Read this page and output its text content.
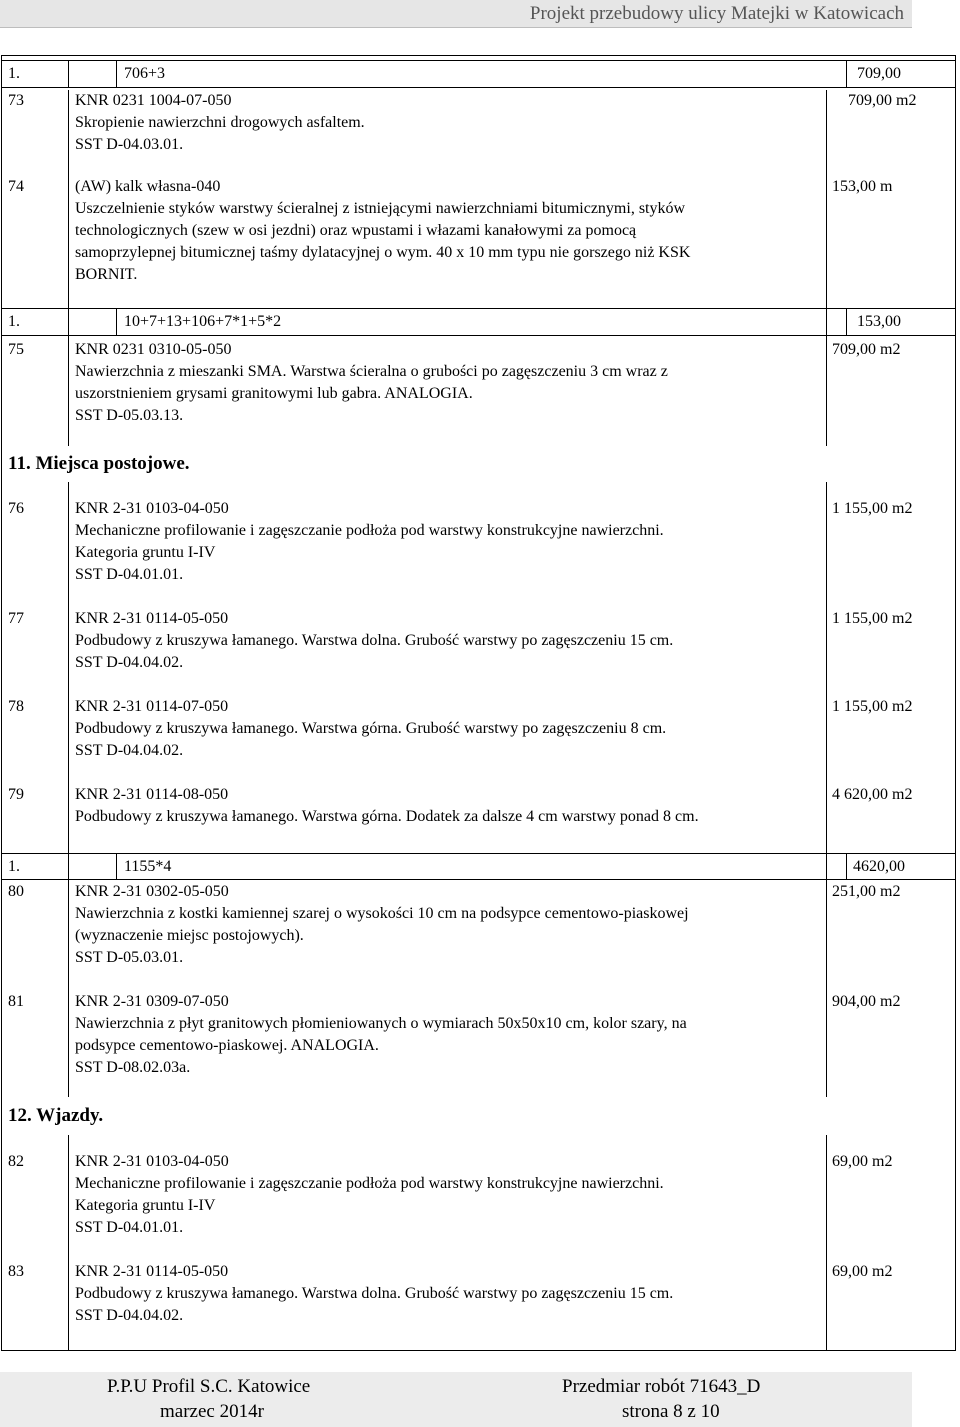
Projekt przebudowy ulicy Matejki w Katowicach
1.	706+3	709,00
73	KNR 0231 1004-07-050
Skropienie nawierzchni drogowych asfaltem.
SST D-04.03.01.
709,00 m2
74	(AW) kalk własna-040
Uszczelnienie styków warstwy ścieralnej z istniejącymi nawierzchniami bitumicznymi, styków
technologicznych (szew w osi jezdni) oraz wpustami i włazami kanałowymi za pomocą
samoprzylepnej bitumicznej taśmy dylatacyjnej o wym. 40 x 10 mm typu nie gorszego niż KSK
BORNIT.
153,00 m
1.	10+7+13+106+7*1+5*2	153,00
75	KNR 0231 0310-05-050
Nawierzchnia z mieszanki SMA. Warstwa ścieralna o grubości po zagęszczeniu 3 cm wraz z
uszorstnieniem grysami granitowymi lub gabra. ANALOGIA.
SST D-05.03.13.
709,00 m2
11. Miejsca postojowe.
76	KNR 2-31 0103-04-050
Mechaniczne profilowanie i zagęszczanie podłoża pod warstwy konstrukcyjne nawierzchni.
Kategoria gruntu I-IV
SST D-04.01.01.
1 155,00 m2
77	KNR 2-31 0114-05-050
Podbudowy z kruszywa łamanego. Warstwa dolna. Grubość warstwy po zagęszczeniu 15 cm.
SST D-04.04.02.
1 155,00 m2
78	KNR 2-31 0114-07-050
Podbudowy z kruszywa łamanego. Warstwa górna. Grubość warstwy po zagęszczeniu 8 cm.
SST D-04.04.02.
1 155,00 m2
79	KNR 2-31 0114-08-050
Podbudowy z kruszywa łamanego. Warstwa górna. Dodatek za dalsze 4 cm warstwy ponad 8 cm.
4 620,00 m2
1.	1155*4	4620,00
80	KNR 2-31 0302-05-050
Nawierzchnia z kostki kamiennej szarej o wysokości 10 cm na podsypce cementowo-piaskowej
(wyznaczenie miejsc postojowych).
SST D-05.03.01.
251,00 m2
81	KNR 2-31 0309-07-050
Nawierzchnia z płyt granitowych płomieniowanych o wymiarach 50x50x10 cm, kolor szary, na
podsypce cementowo-piaskowej. ANALOGIA.
SST D-08.02.03a.
904,00 m2
12. Wjazdy.
82	KNR 2-31 0103-04-050
Mechaniczne profilowanie i zagęszczanie podłoża pod warstwy konstrukcyjne nawierzchni.
Kategoria gruntu I-IV
SST D-04.01.01.
69,00 m2
83	KNR 2-31 0114-05-050
Podbudowy z kruszywa łamanego. Warstwa dolna. Grubość warstwy po zagęszczeniu 15 cm.
SST D-04.04.02.
69,00 m2
P.P.U Profil S.C. Katowice
marzec 2014r
Przedmiar robót 71643_D
strona 8 z 10
